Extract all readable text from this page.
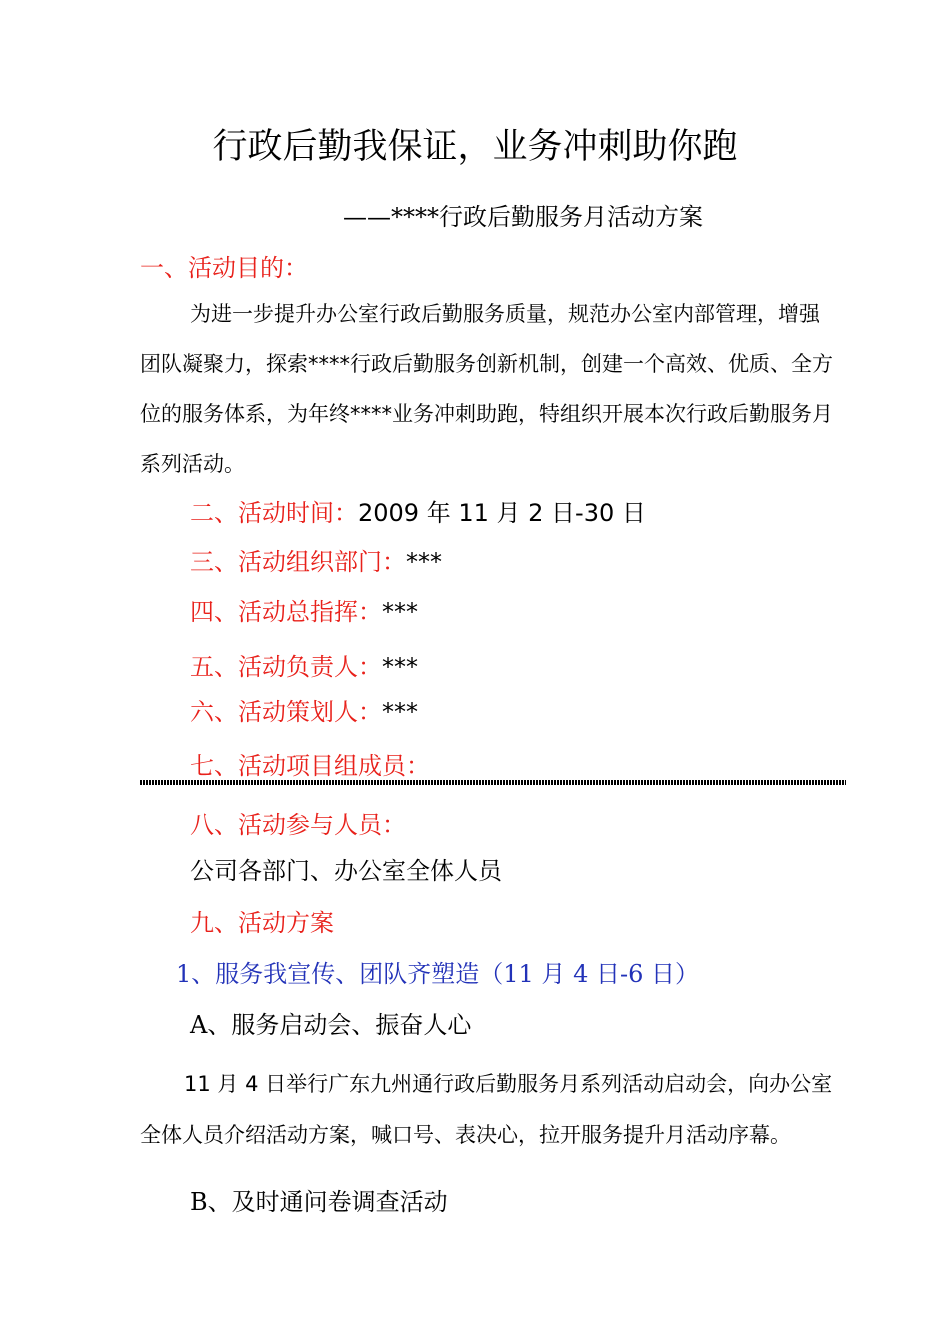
行政后勤我保证，业务冲刺助你跑
——****行政后勤服务月活动方案
一、活动目的：

为进一步提升办公室行政后勤服务质量，规范办公室内部管理，增强团队凝聚力，探索****行政后勤服务创新机制，创建一个高效、优质、全方位的服务体系，为年终****业务冲刺助跑，特组织开展本次行政后勤服务月系列活动。

二、活动时间：2009 年 11 月 2 日-30 日
三、活动组织部门：***
四、活动总指挥：***
五、活动负责人：***
六、活动策划人：***
七、活动项目组成员：
八、活动参与人员：
公司各部门、办公室全体人员
九、活动方案
1、服务我宣传、团队齐塑造（11 月 4 日-6 日）
A、服务启动会、振奋人心

11 月 4 日举行广东九州通行政后勤服务月系列活动启动会，向办公室全体人员介绍活动方案，喊口号、表决心，拉开服务提升月活动序幕。

B、及时通问卷调查活动
